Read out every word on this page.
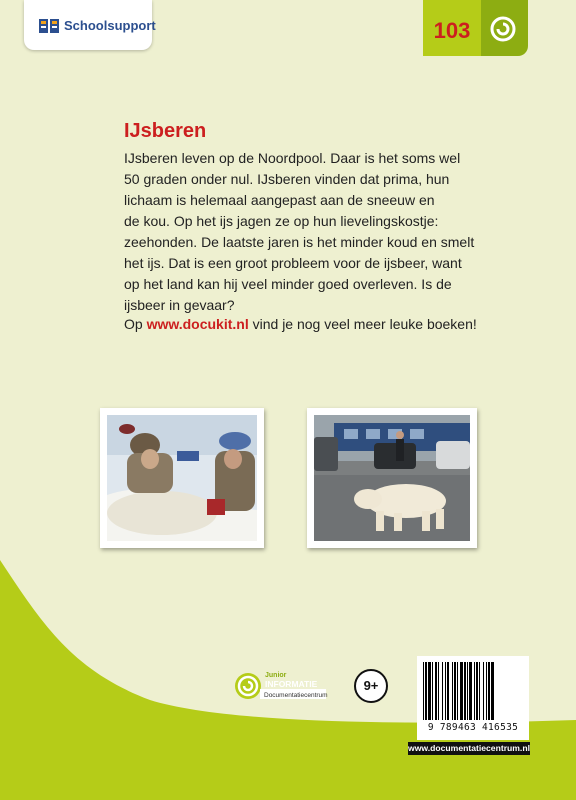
Schoolsupport	103
IJsberen

IJsberen leven op de Noordpool. Daar is het soms wel
50 graden onder nul. IJsberen vinden dat prima, hun
lichaam is helemaal aangepast aan de sneeuw en
de kou. Op het ijs jagen ze op hun lievelingskostje:
zeehonden. De laatste jaren is het minder koud en smelt
het ijs. Dat is een groot probleem voor de ijsbeer, want
op het land kan hij veel minder goed overleven. Is de
ijsbeer in gevaar?

Op www.docukit.nl vind je nog veel meer leuke boeken!
Junior
INFORMATIE
Documentatiecentrum
9+
9 789463 416535
www.documentatiecentrum.nl
